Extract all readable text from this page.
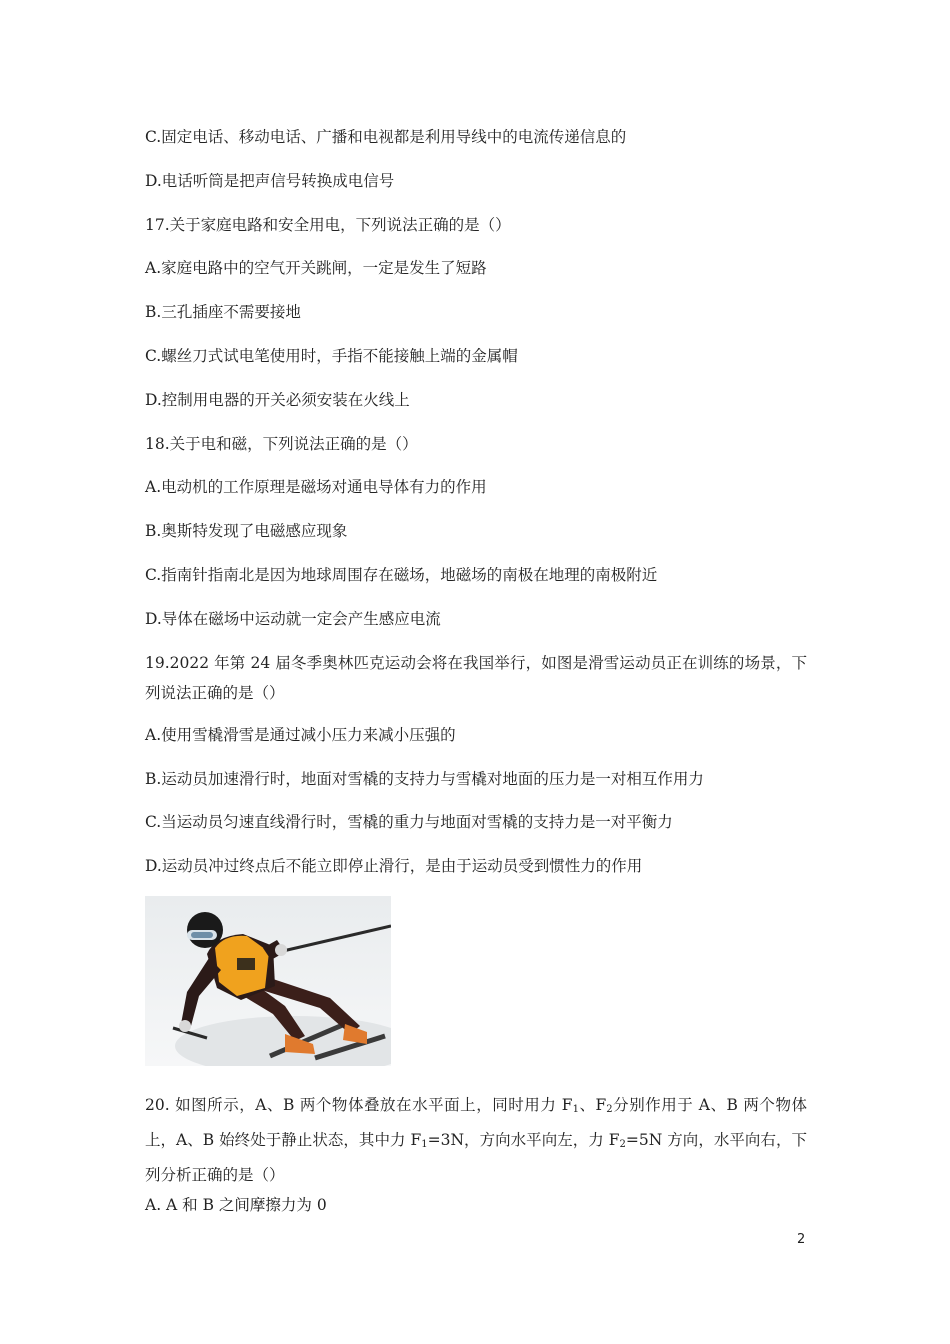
C.固定电话、移动电话、广播和电视都是利用导线中的电流传递信息的
D.电话听筒是把声信号转换成电信号
17.关于家庭电路和安全用电，下列说法正确的是（）
A.家庭电路中的空气开关跳闸，一定是发生了短路
B.三孔插座不需要接地
C.螺丝刀式试电笔使用时，手指不能接触上端的金属帽
D.控制用电器的开关必须安装在火线上
18.关于电和磁，下列说法正确的是（）
A.电动机的工作原理是磁场对通电导体有力的作用
B.奥斯特发现了电磁感应现象
C.指南针指南北是因为地球周围存在磁场，地磁场的南极在地理的南极附近
D.导体在磁场中运动就一定会产生感应电流
19.2022 年第 24 届冬季奥林匹克运动会将在我国举行，如图是滑雪运动员正在训练的场景，下列说法正确的是（）
A.使用雪橇滑雪是通过减小压力来减小压强的
B.运动员加速滑行时，地面对雪橇的支持力与雪橇对地面的压力是一对相互作用力
C.当运动员匀速直线滑行时，雪橇的重力与地面对雪橇的支持力是一对平衡力
D.运动员冲过终点后不能立即停止滑行，是由于运动员受到惯性力的作用
20. 如图所示，A、B 两个物体叠放在水平面上，同时用力 $F_1$、$F_2$分别作用于 A、B 两个物体上，A、B 始终处于静止状态，其中力 $F_1=3N$，方向水平向左，力 $F_2=5N$ 方向，水平向右，下列分析正确的是（）
A. A 和 B 之间摩擦力为 0
2
